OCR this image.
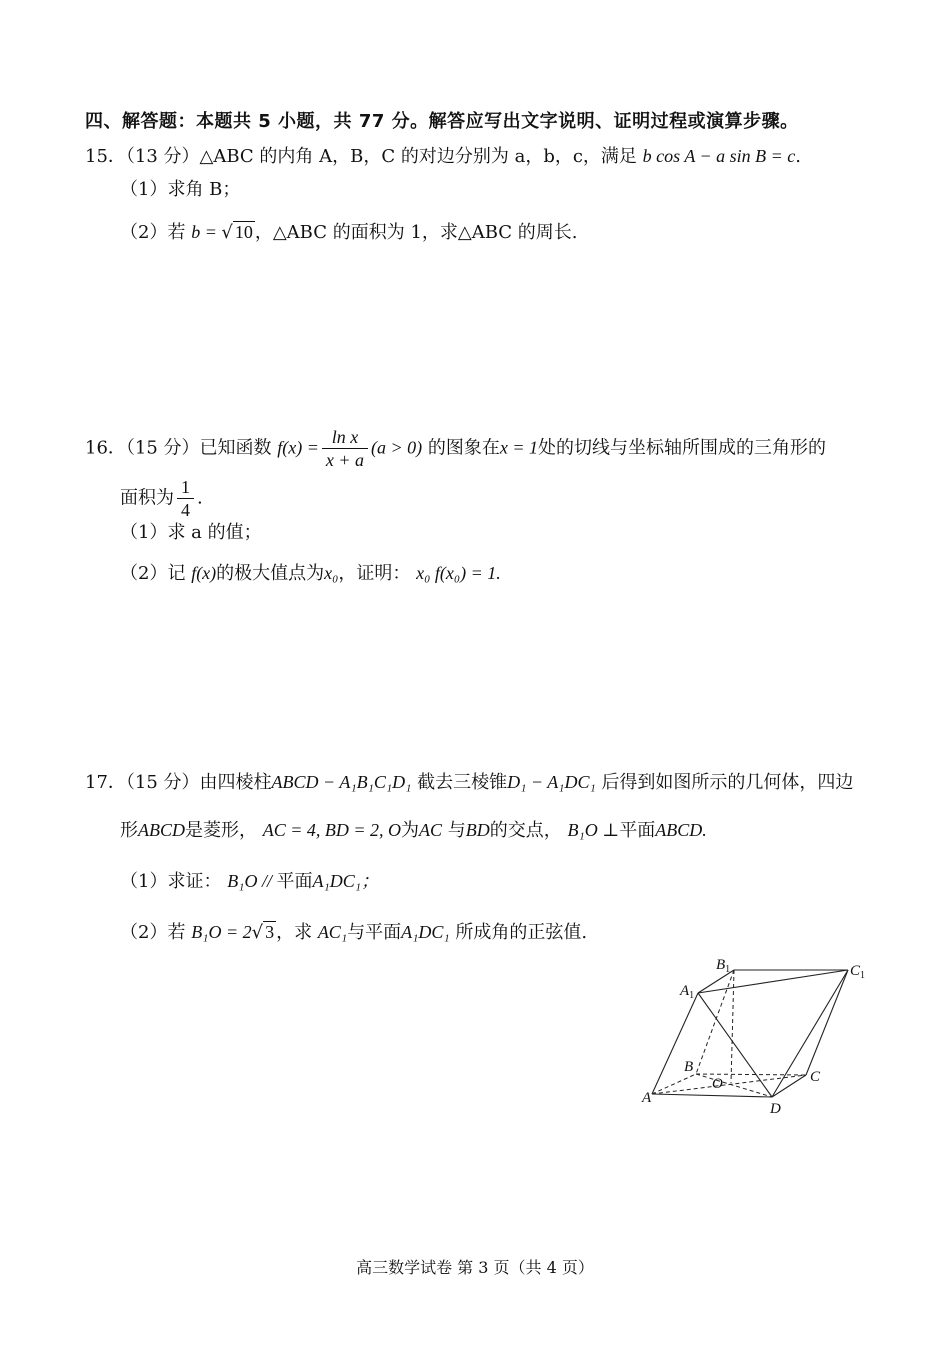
四、解答题：本题共 5 小题，共 77 分。解答应写出文字说明、证明过程或演算步骤。
15．（13 分）△ABC 的内角 A，B，C 的对边分别为 a，b，c，满足 b cos A − a sin B = c.
（1）求角 B；
（2）若 b = √ 10 ，△ABC 的面积为 1，求△ABC 的周长.
16．（15 分）已知函数 $f(x) = \frac{\text{ln x}}{x + a} (a > 0)$ 的图象在x = 1处的切线与坐标轴所围成的三角形的
面积为 $\frac{1}{4}$ .
（1）求 a 的值；
（2）记 f(x)的极大值点为x₀，证明： x₀ f(x₀) = 1.
17．（15 分）由四棱柱ABCD − A₁B₁C₁D₁ 截去三棱锥D₁ − A₁DC₁ 后得到如图所示的几何体，四边
形ABCD是菱形， AC = 4, BD = 2, O为AC 与BD的交点， B₁O ⊥平面ABCD.
（1）求证： B₁O // 平面A₁DC₁；
（2）若 B₁O = 2√ 3 ，求 AC₁与平面A₁DC₁ 所成角的正弦值.
$B_1$
$A_1$
$C_1$
B
O	C
A
D
高三数学试卷 第 3 页（共 4 页）
